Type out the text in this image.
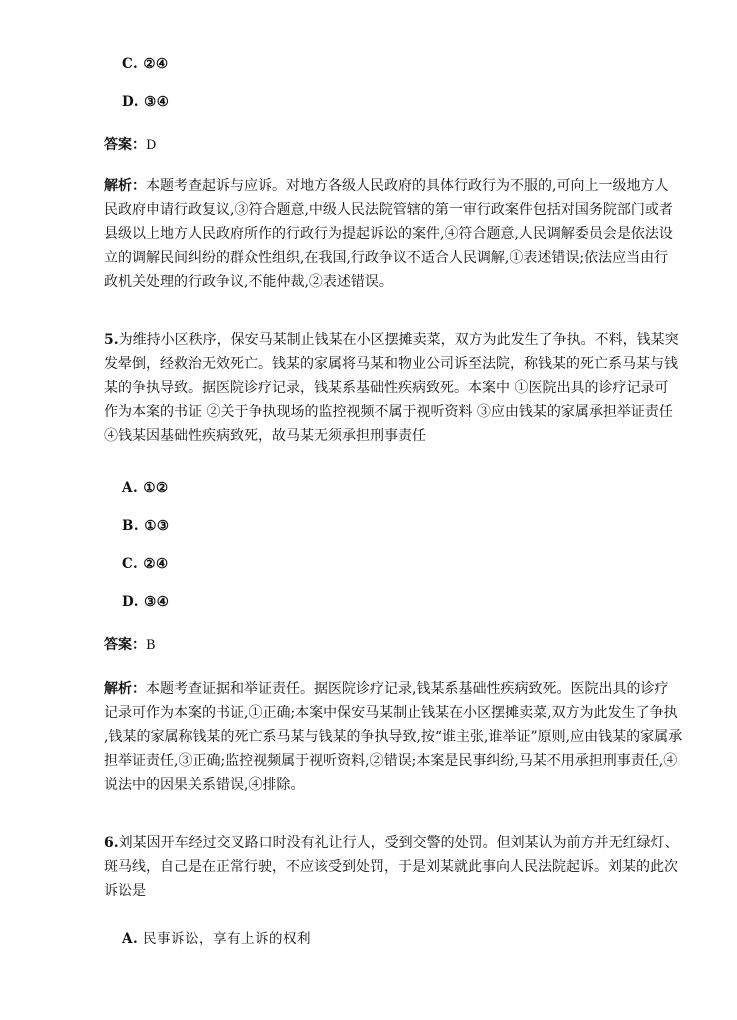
C. ②④
D. ③④
答案：D
解析：本题考查起诉与应诉。对地方各级人民政府的具体行政行为不服的,可向上一级地方人
民政府申请行政复议,③符合题意,中级人民法院管辖的第一审行政案件包括对国务院部门或者
县级以上地方人民政府所作的行政行为提起诉讼的案件,④符合题意,人民调解委员会是依法设
立的调解民间纠纷的群众性组织,在我国,行政争议不适合人民调解,①表述错误;依法应当由行
政机关处理的行政争议,不能仲裁,②表述错误。
5.为维持小区秩序，保安马某制止钱某在小区摆摊卖菜，双方为此发生了争执。不料，钱某突
发晕倒，经救治无效死亡。钱某的家属将马某和物业公司诉至法院，称钱某的死亡系马某与钱
某的争执导致。据医院诊疗记录，钱某系基础性疾病致死。本案中 ①医院出具的诊疗记录可
作为本案的书证 ②关于争执现场的监控视频不属于视听资料 ③应由钱某的家属承担举证责任
④钱某因基础性疾病致死，故马某无须承担刑事责任
A. ①②
B. ①③
C. ②④
D. ③④
答案：B
解析：本题考查证据和举证责任。据医院诊疗记录,钱某系基础性疾病致死。医院出具的诊疗
记录可作为本案的书证,①正确;本案中保安马某制止钱某在小区摆摊卖菜,双方为此发生了争执
,钱某的家属称钱某的死亡系马某与钱某的争执导致,按“谁主张,谁举证”原则,应由钱某的家属承
担举证责任,③正确;监控视频属于视听资料,②错误;本案是民事纠纷,马某不用承担刑事责任,④
说法中的因果关系错误,④排除。
6.刘某因开车经过交叉路口时没有礼让行人，受到交警的处罚。但刘某认为前方并无红绿灯、
斑马线，自己是在正常行驶，不应该受到处罚，于是刘某就此事向人民法院起诉。刘某的此次
诉讼是
A. 民事诉讼，享有上诉的权利
